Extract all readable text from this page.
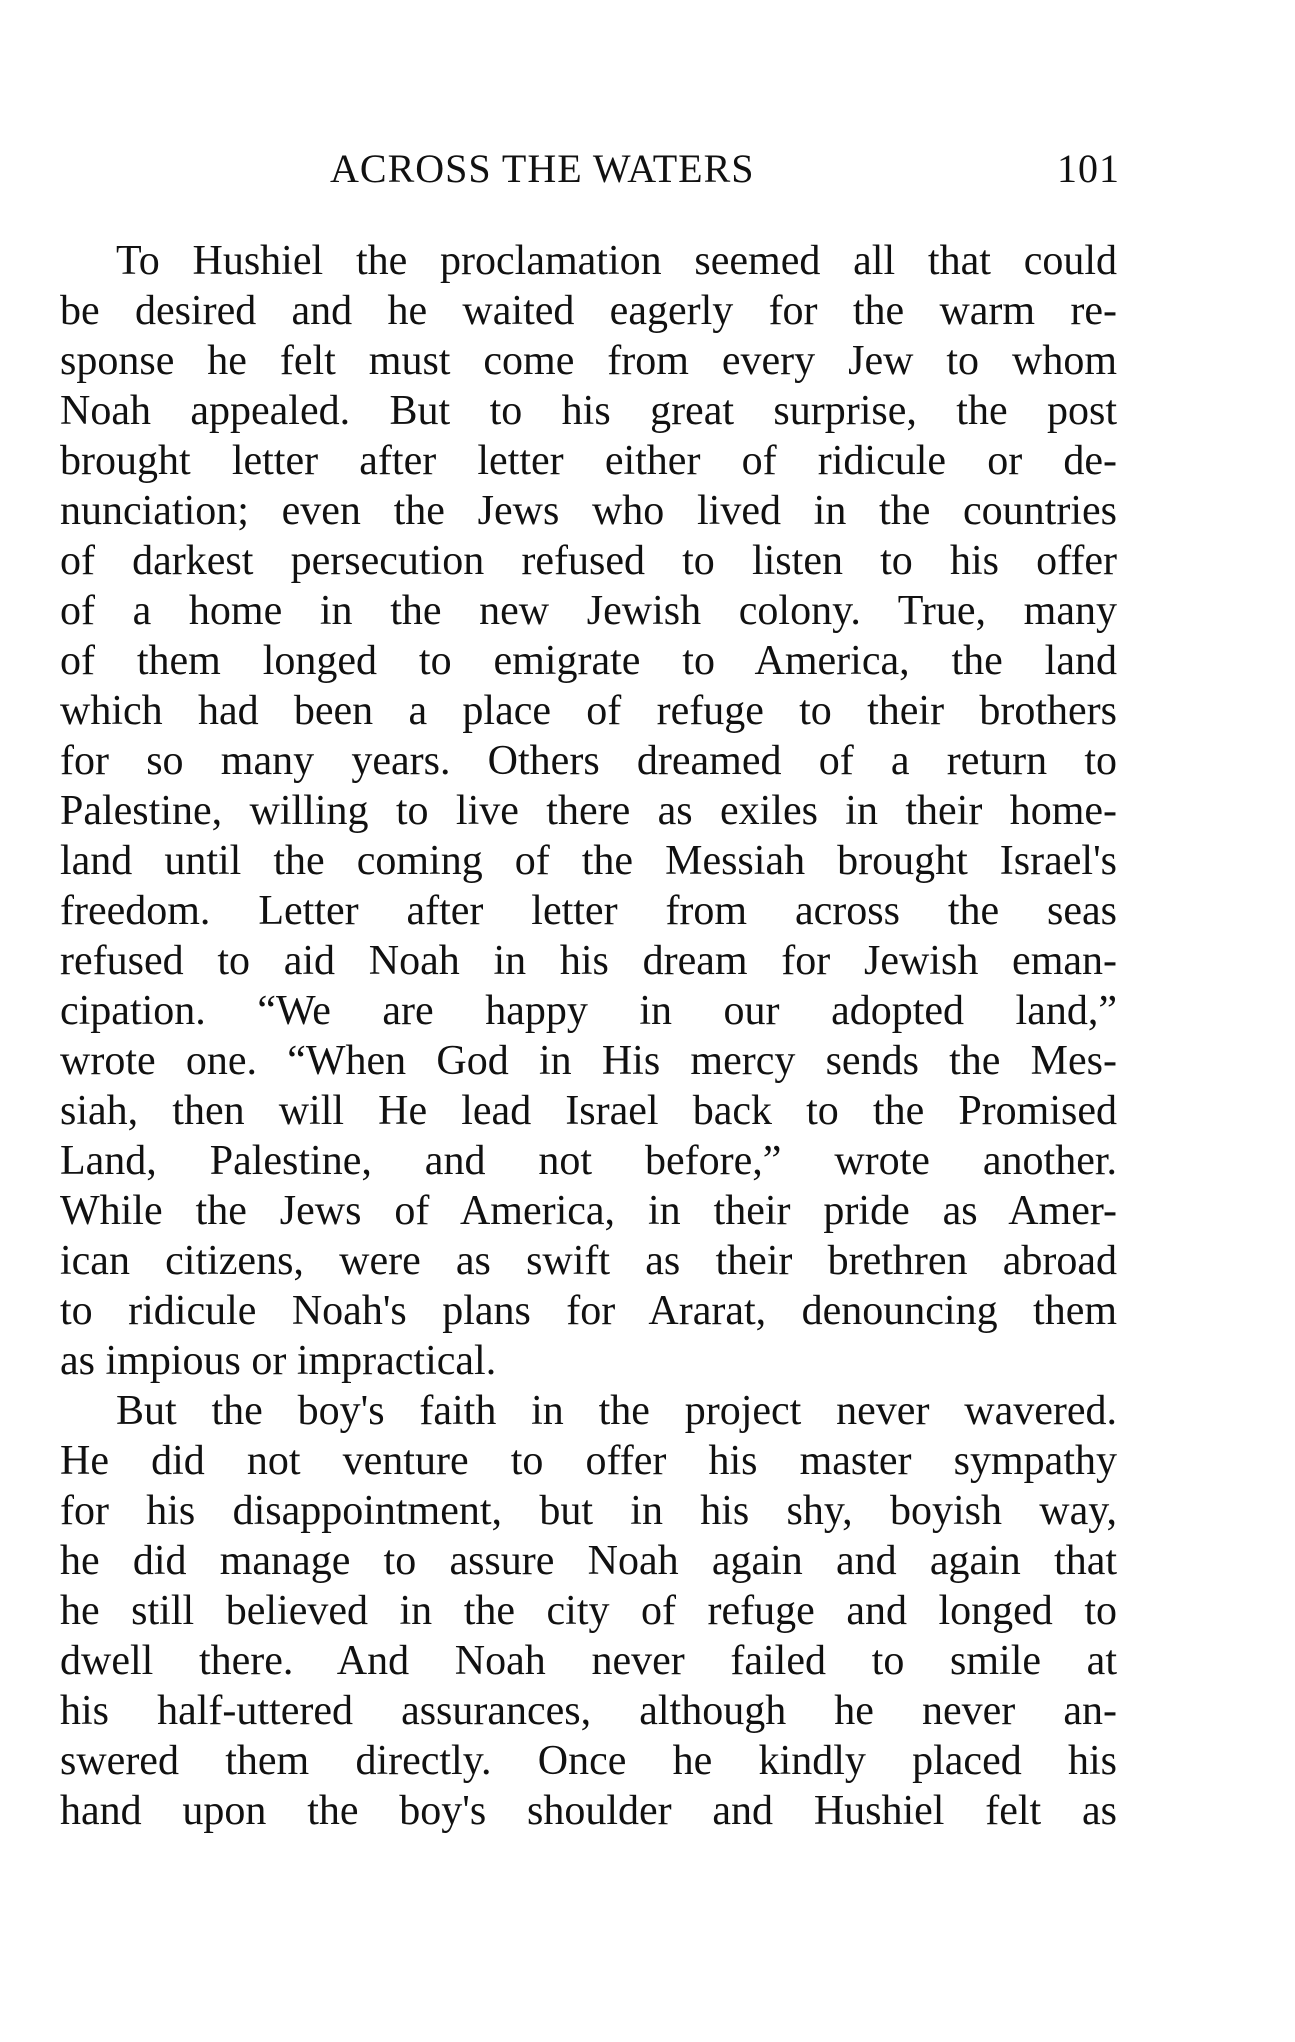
ACROSS THE WATERS	101
To Hushiel the proclamation seemed all that could
be desired and he waited eagerly for the warm re-
sponse he felt must come from every Jew to whom
Noah appealed. But to his great surprise, the post
brought letter after letter either of ridicule or de-
nunciation; even the Jews who lived in the countries
of darkest persecution refused to listen to his offer
of a home in the new Jewish colony. True, many
of them longed to emigrate to America, the land
which had been a place of refuge to their brothers
for so many years. Others dreamed of a return to
Palestine, willing to live there as exiles in their home-
land until the coming of the Messiah brought Israel's
freedom. Letter after letter from across the seas
refused to aid Noah in his dream for Jewish eman-
cipation. “We are happy in our adopted land,”
wrote one. “When God in His mercy sends the Mes-
siah, then will He lead Israel back to the Promised
Land, Palestine, and not before,” wrote another.
While the Jews of America, in their pride as Amer-
ican citizens, were as swift as their brethren abroad
to ridicule Noah's plans for Ararat, denouncing them
as impious or impractical.
But the boy's faith in the project never wavered.
He did not venture to offer his master sympathy
for his disappointment, but in his shy, boyish way,
he did manage to assure Noah again and again that
he still believed in the city of refuge and longed to
dwell there. And Noah never failed to smile at
his half-uttered assurances, although he never an-
swered them directly. Once he kindly placed his
hand upon the boy's shoulder and Hushiel felt as
